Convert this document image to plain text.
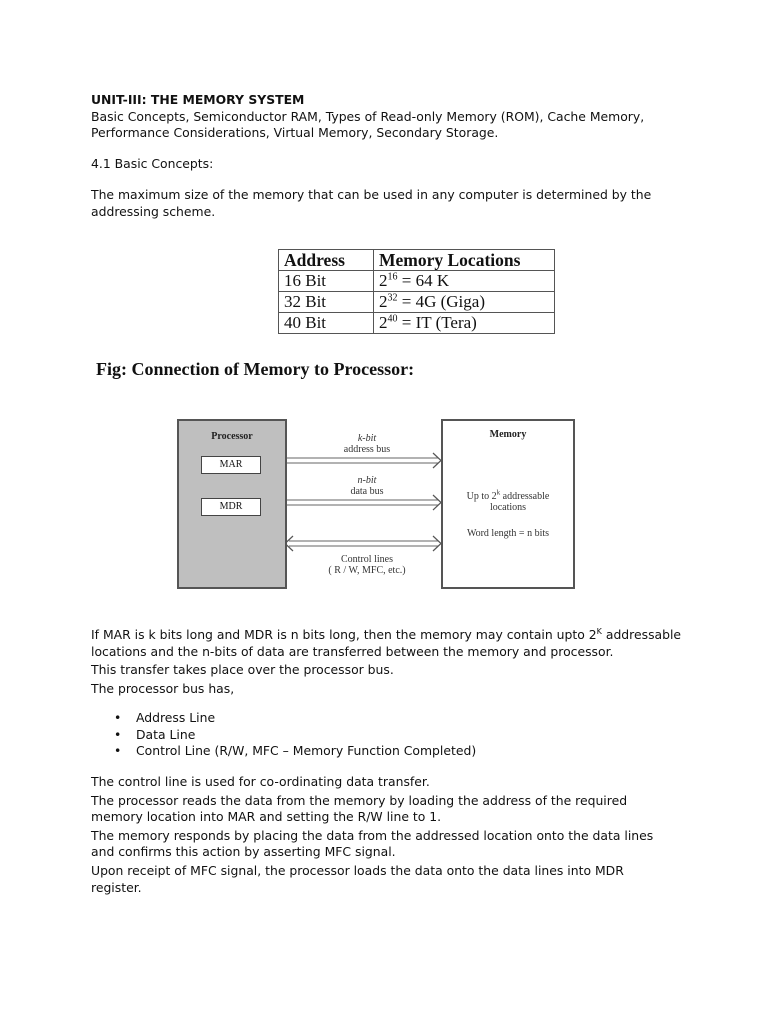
UNIT-III: THE MEMORY SYSTEM

Basic Concepts, Semiconductor RAM, Types of Read-only Memory (ROM), Cache Memory,

Performance Considerations, Virtual Memory, Secondary Storage.

4.1 Basic Concepts:

The maximum size of the memory that can be used in any computer is determined by the

addressing scheme.

Address	Memory Locations
16 Bit	$2^{16} = 64$ K
32 Bit	$2^{32} = 4G$ (Giga)
40 Bit	$2^{40}$ = IT (Tera)
Fig: Connection of Memory to Processor:
Processor
MAR
MDR
k-bit
address bus
n-bit
data bus
Control lines
( R / W, MFC, etc.)
Memory
Up to 2$^k$ addressable
locations
Word length = n bits

If MAR is k bits long and MDR is n bits long, then the memory may contain upto $2^K$ addressable

locations and the n-bits of data are transferred between the memory and processor.

This transfer takes place over the processor bus.

The processor bus has,

• Address Line
• Data Line
• Control Line (R/W, MFC – Memory Function Completed)

The control line is used for co-ordinating data transfer.

The processor reads the data from the memory by loading the address of the required

memory location into MAR and setting the R/W line to 1.

The memory responds by placing the data from the addressed location onto the data lines

and confirms this action by asserting MFC signal.

Upon receipt of MFC signal, the processor loads the data onto the data lines into MDR

register.
